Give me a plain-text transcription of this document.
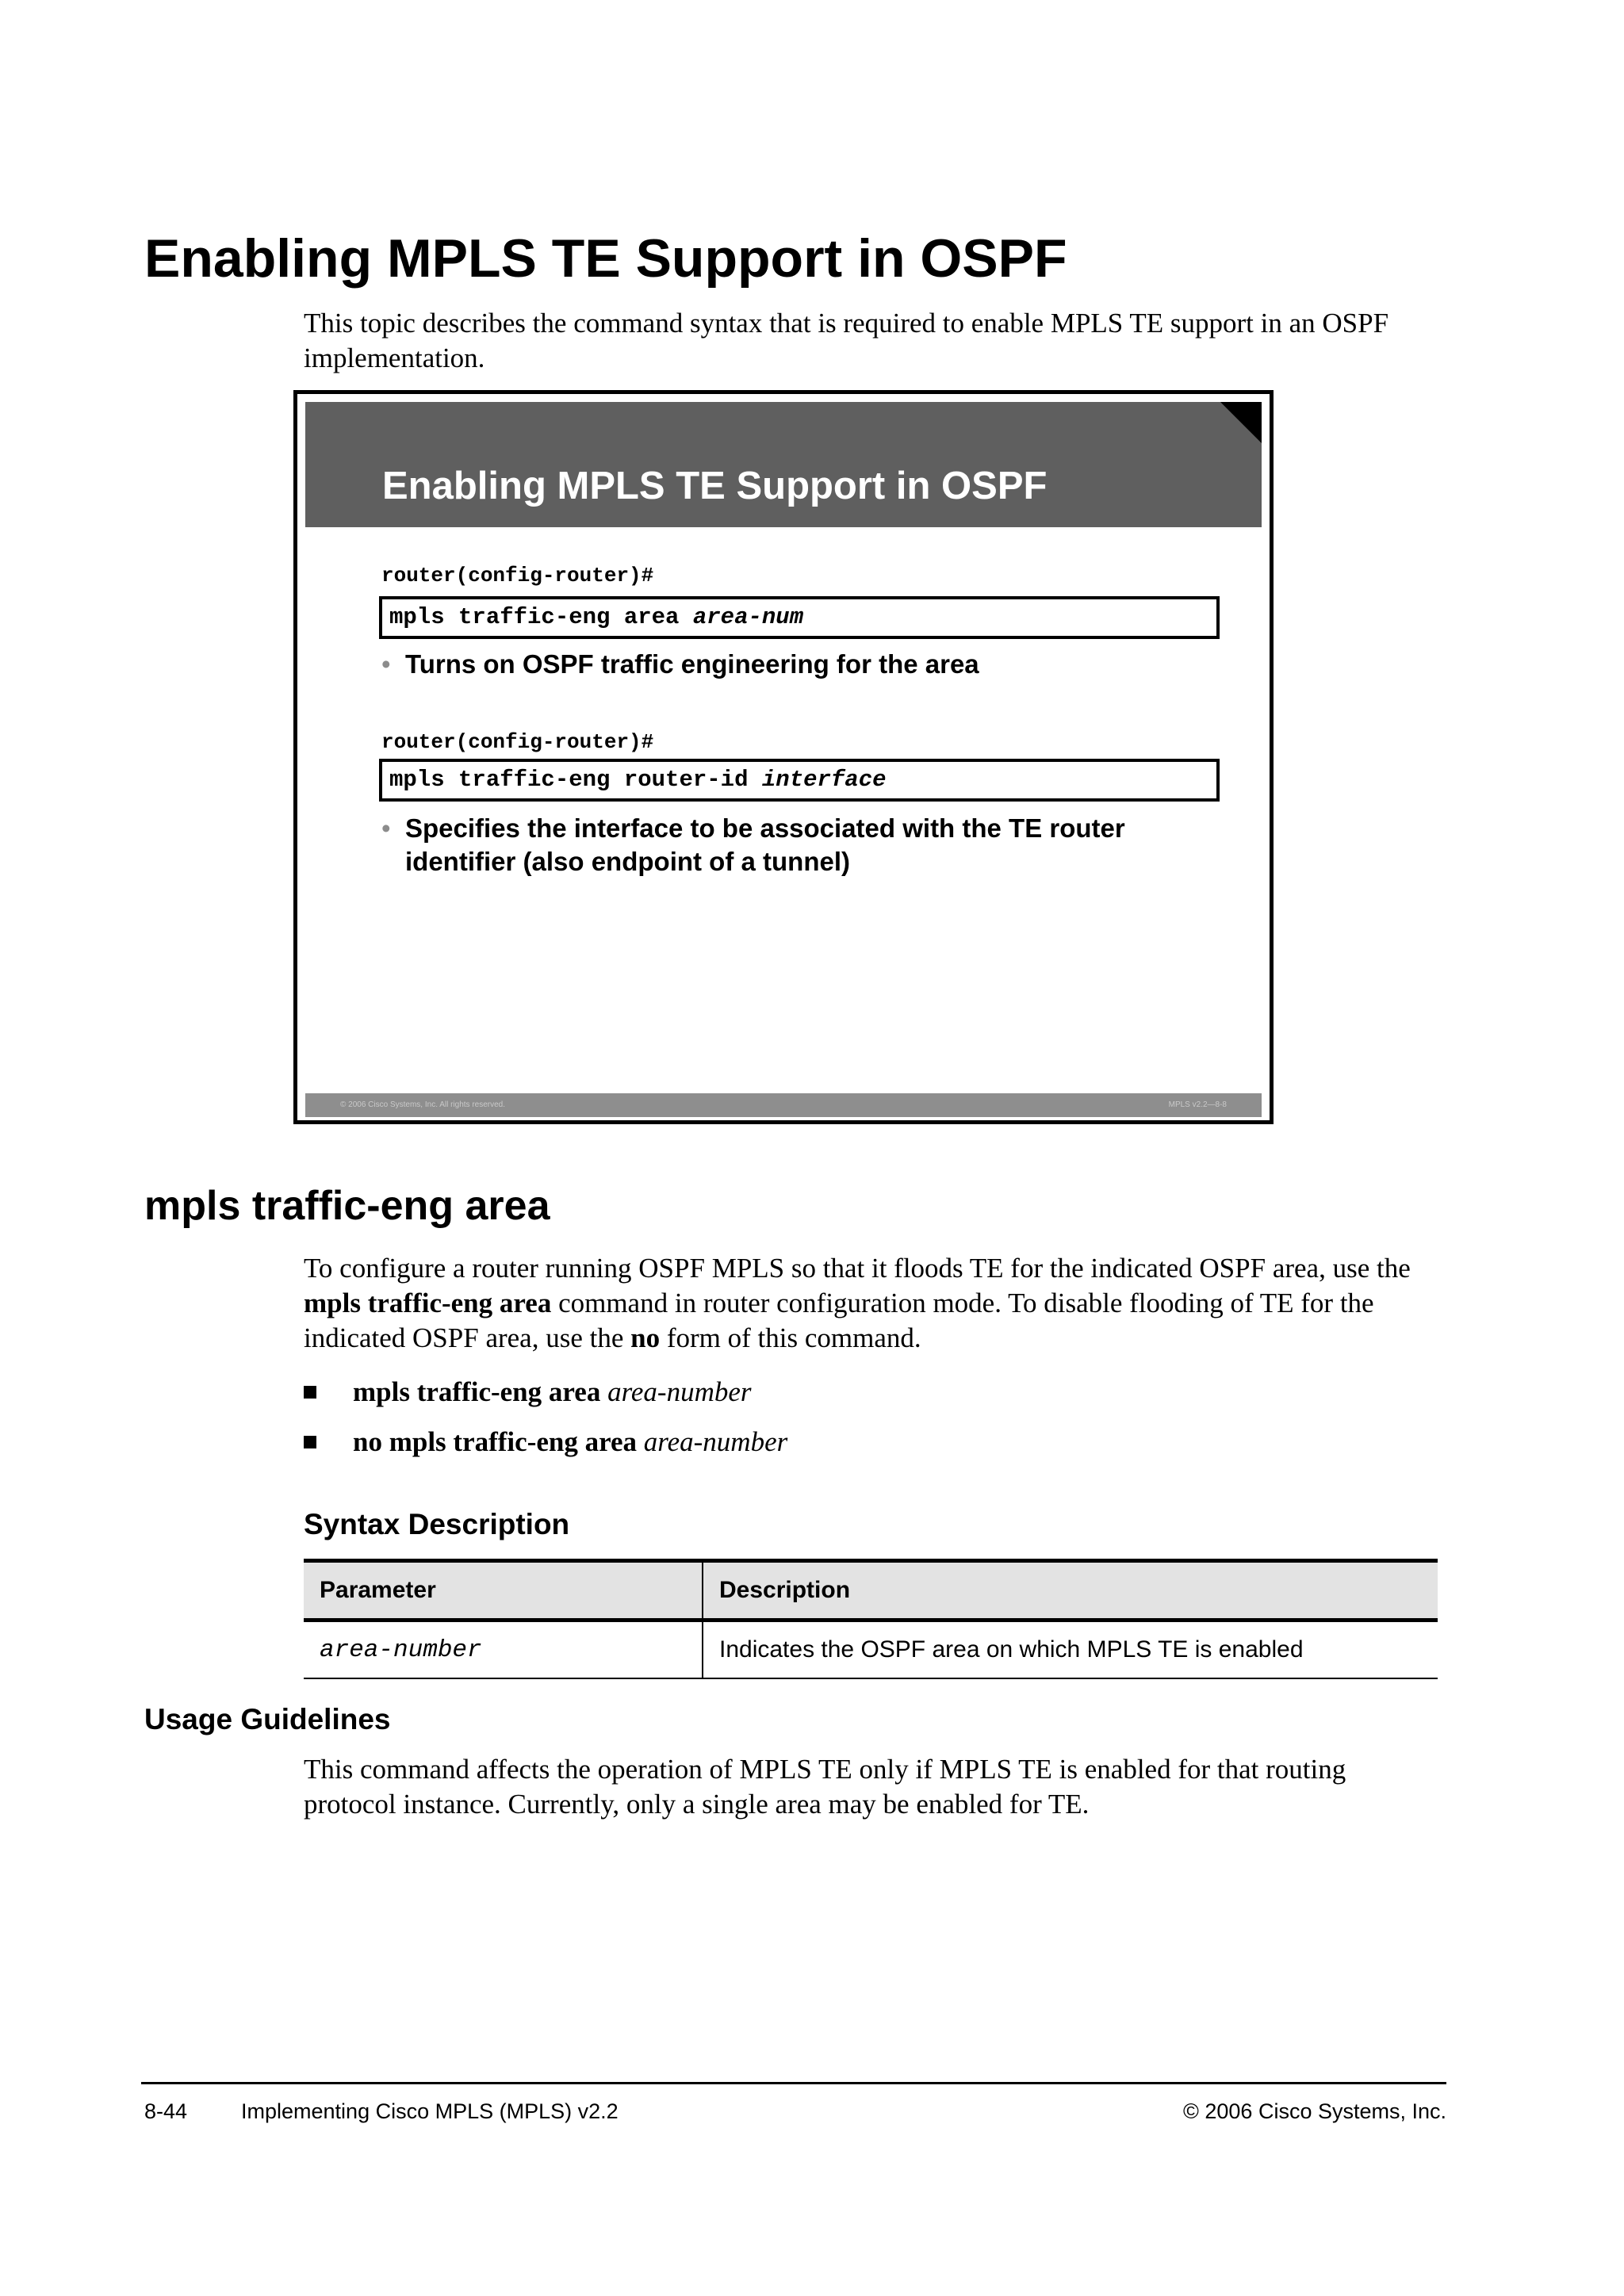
Enabling MPLS TE Support in OSPF

This topic describes the command syntax that is required to enable MPLS TE support in an OSPF implementation.

Enabling MPLS TE Support in OSPF
router(config-router)#
mpls traffic-eng area area-num
• Turns on OSPF traffic engineering for the area
router(config-router)#
mpls traffic-eng router-id interface
• Specifies the interface to be associated with the TE router identifier (also endpoint of a tunnel)
© 2006 Cisco Systems, Inc. All rights reserved.	MPLS v2.2—8-8
mpls traffic-eng area

To configure a router running OSPF MPLS so that it floods TE for the indicated OSPF area, use the mpls traffic-eng area command in router configuration mode. To disable flooding of TE for the indicated OSPF area, use the no form of this command.

mpls traffic-eng area area-number
no mpls traffic-eng area area-number
Syntax Description
Parameter	Description
area-number	Indicates the OSPF area on which MPLS TE is enabled
Usage Guidelines

This command affects the operation of MPLS TE only if MPLS TE is enabled for that routing protocol instance. Currently, only a single area may be enabled for TE.

8-44	Implementing Cisco MPLS (MPLS) v2.2	© 2006 Cisco Systems, Inc.
